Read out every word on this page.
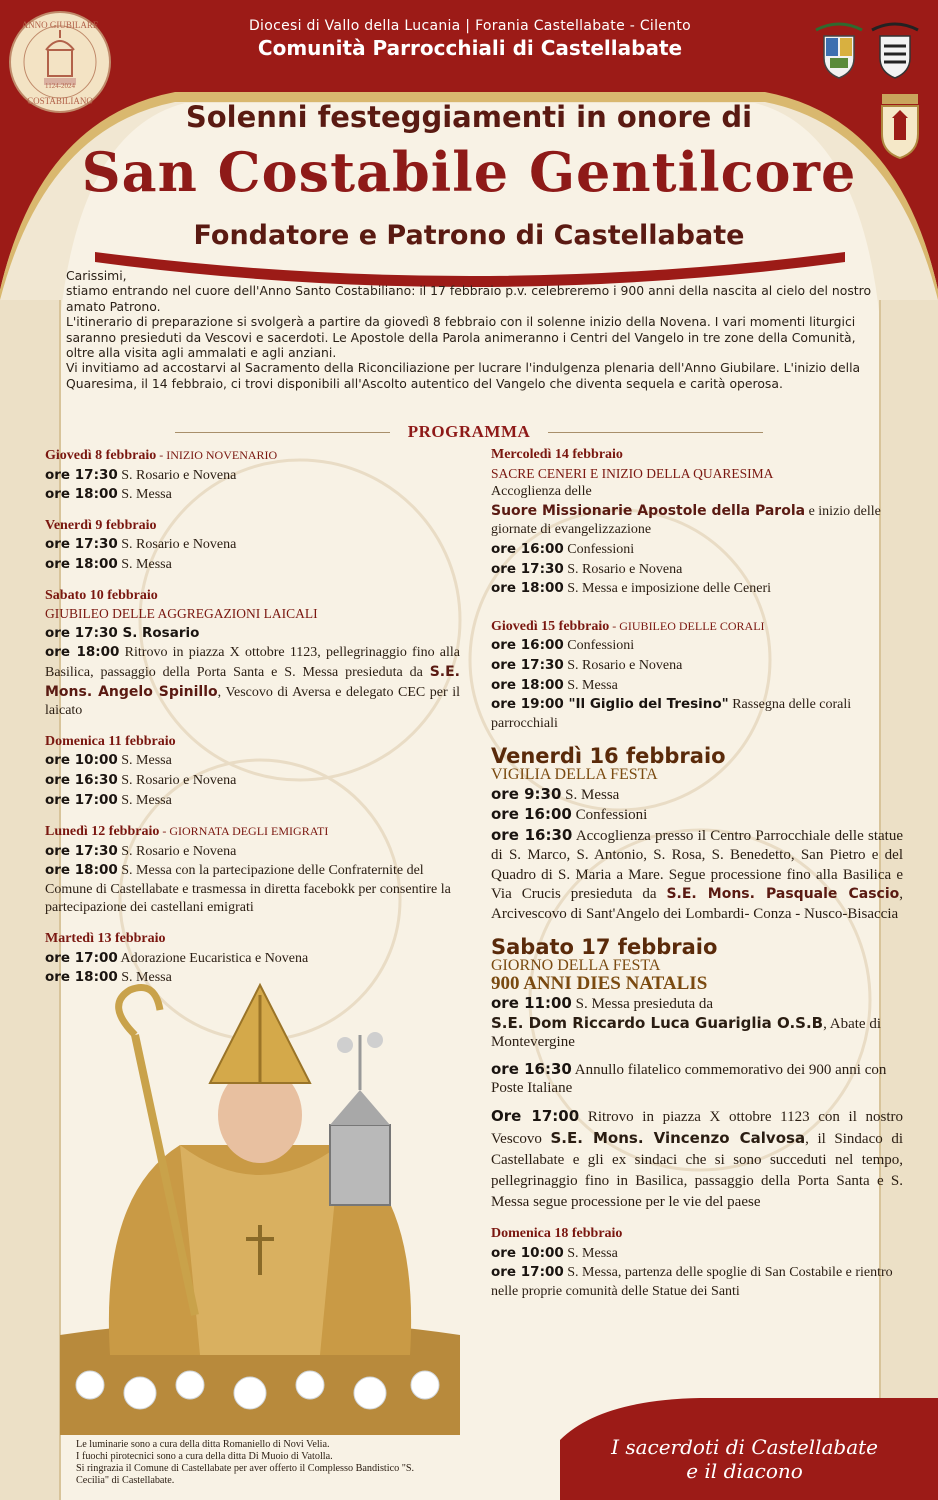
Diocesi di Vallo della Lucania | Forania Castellabate - Cilento
Comunità Parrocchiali di Castellabate
ANNO GIUBILARE
1124-2024
COSTABILIANO	Solenni festeggiamenti in onore di
San Costabile Gentilcore
Fondatore e Patrono di Castellabate

Carissimi,

stiamo entrando nel cuore dell'Anno Santo Costabiliano: il 17 febbraio p.v. celebreremo i 900 anni della nascita al cielo del nostro amato Patrono.

L'itinerario di preparazione si svolgerà a partire da giovedì 8 febbraio con il solenne inizio della Novena. I vari momenti liturgici saranno presieduti da Vescovi e sacerdoti. Le Apostole della Parola animeranno i Centri del Vangelo in tre zone della Comunità, oltre alla visita agli ammalati e agli anziani.

Vi invitiamo ad accostarvi al Sacramento della Riconciliazione per lucrare l'indulgenza plenaria dell'Anno Giubilare. L'inizio della Quaresima, il 14 febbraio, ci trovi disponibili all'Ascolto autentico del Vangelo che diventa sequela e carità operosa.

PROGRAMMA
Giovedì 8 febbraio - INIZIO NOVENARIO
ore 17:30 S. Rosario e Novena
ore 18:00 S. Messa
Venerdì 9 febbraio
ore 17:30 S. Rosario e Novena
ore 18:00 S. Messa
Sabato 10 febbraio
GIUBILEO DELLE AGGREGAZIONI LAICALI
ore 17:30 S. Rosario
ore 18:00 Ritrovo in piazza X ottobre 1123, pellegrinaggio fino alla Basilica, passaggio della Porta Santa e S. Messa presieduta da S.E. Mons. Angelo Spinillo, Vescovo di Aversa e delegato CEC per il laicato
Domenica 11 febbraio
ore 10:00 S. Messa
ore 16:30 S. Rosario e Novena
ore 17:00 S. Messa
Lunedì 12 febbraio - GIORNATA DEGLI EMIGRATI
ore 17:30 S. Rosario e Novena
ore 18:00 S. Messa con la partecipazione delle Confraternite del Comune di Castellabate e trasmessa in diretta facebokk per consentire la partecipazione dei castellani emigrati
Martedì 13 febbraio
ore 17:00 Adorazione Eucaristica e Novena
ore 18:00 S. Messa
Mercoledì 14 febbraio
SACRE CENERI E INIZIO DELLA QUARESIMA
Accoglienza delle
Suore Missionarie Apostole della Parola e inizio delle giornate di evangelizzazione
ore 16:00 Confessioni
ore 17:30 S. Rosario e Novena
ore 18:00 S. Messa e imposizione delle Ceneri
Giovedì 15 febbraio - GIUBILEO DELLE CORALI
ore 16:00 Confessioni
ore 17:30 S. Rosario e Novena
ore 18:00 S. Messa
ore 19:00 "Il Giglio del Tresino" Rassegna delle corali parrocchiali
Venerdì 16 febbraio
VIGILIA DELLA FESTA
ore 9:30 S. Messa
ore 16:00 Confessioni
ore 16:30 Accoglienza presso il Centro Parrocchiale delle statue di S. Marco, S. Antonio, S. Rosa, S. Benedetto, San Pietro e del Quadro di S. Maria a Mare. Segue processione fino alla Basilica e Via Crucis presieduta da S.E. Mons. Pasquale Cascio, Arcivescovo di Sant'Angelo dei Lombardi- Conza - Nusco-Bisaccia
Sabato 17 febbraio
GIORNO DELLA FESTA
900 ANNI DIES NATALIS
ore 11:00 S. Messa presieduta da
S.E. Dom Riccardo Luca Guariglia O.S.B, Abate di Montevergine
ore 16:30 Annullo filatelico commemorativo dei 900 anni con Poste Italiane
Ore 17:00 Ritrovo in piazza X ottobre 1123 con il nostro Vescovo S.E. Mons. Vincenzo Calvosa, il Sindaco di Castellabate e gli ex sindaci che si sono succeduti nel tempo, pellegrinaggio fino in Basilica, passaggio della Porta Santa e S. Messa segue processione per le vie del paese
Domenica 18 febbraio
ore 10:00 S. Messa
ore 17:00 S. Messa, partenza delle spoglie di San Costabile e rientro nelle proprie comunità delle Statue dei Santi
Le luminarie sono a cura della ditta Romaniello di Novi Velia.
I fuochi pirotecnici sono a cura della ditta Di Muoio di Vatolla.
Si ringrazia il Comune di Castellabate per aver offerto il Complesso Bandistico "S. Cecilia" di Castellabate.
I sacerdoti di Castellabate
e il diacono
